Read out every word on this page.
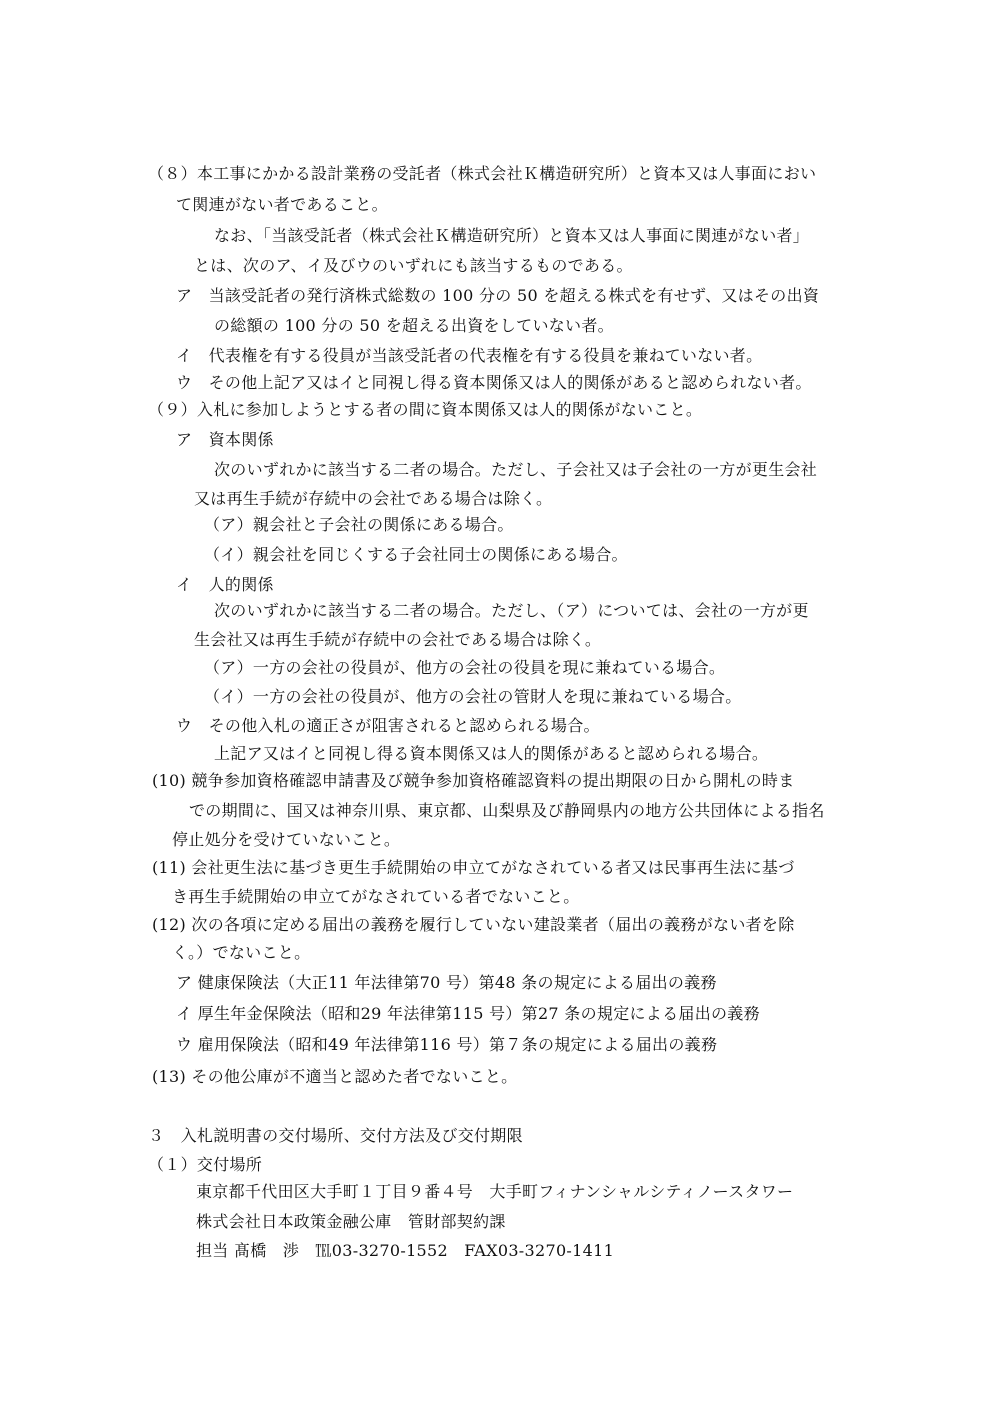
（８）本工事にかかる設計業務の受託者（株式会社Ｋ構造研究所）と資本又は人事面におい
て関連がない者であること。
なお、「当該受託者（株式会社Ｋ構造研究所）と資本又は人事面に関連がない者」
とは、次のア、イ及びウのいずれにも該当するものである。
ア　当該受託者の発行済株式総数の 100 分の 50 を超える株式を有せず、又はその出資
の総額の 100 分の 50 を超える出資をしていない者。
イ　代表権を有する役員が当該受託者の代表権を有する役員を兼ねていない者。
ウ　その他上記ア又はイと同視し得る資本関係又は人的関係があると認められない者。
（９）入札に参加しようとする者の間に資本関係又は人的関係がないこと。
ア　資本関係
次のいずれかに該当する二者の場合。ただし、子会社又は子会社の一方が更生会社
又は再生手続が存続中の会社である場合は除く。
（ア）親会社と子会社の関係にある場合。
（イ）親会社を同じくする子会社同士の関係にある場合。
イ　人的関係
次のいずれかに該当する二者の場合。ただし、（ア）については、会社の一方が更
生会社又は再生手続が存続中の会社である場合は除く。
（ア）一方の会社の役員が、他方の会社の役員を現に兼ねている場合。
（イ）一方の会社の役員が、他方の会社の管財人を現に兼ねている場合。
ウ　その他入札の適正さが阻害されると認められる場合。
上記ア又はイと同視し得る資本関係又は人的関係があると認められる場合。
(10) 競争参加資格確認申請書及び競争参加資格確認資料の提出期限の日から開札の時ま
での期間に、国又は神奈川県、東京都、山梨県及び静岡県内の地方公共団体による指名
停止処分を受けていないこと。
(11) 会社更生法に基づき更生手続開始の申立てがなされている者又は民事再生法に基づ
き再生手続開始の申立てがなされている者でないこと。
(12) 次の各項に定める届出の義務を履行していない建設業者（届出の義務がない者を除
く。）でないこと。
ア 健康保険法（大正11 年法律第70 号）第48 条の規定による届出の義務
イ 厚生年金保険法（昭和29 年法律第115 号）第27 条の規定による届出の義務
ウ 雇用保険法（昭和49 年法律第116 号）第７条の規定による届出の義務
(13) その他公庫が不適当と認めた者でないこと。
３　入札説明書の交付場所、交付方法及び交付期限
（１）交付場所
東京都千代田区大手町１丁目９番４号　大手町フィナンシャルシティノースタワー
株式会社日本政策金融公庫　管財部契約課
担当 髙橋　渉　℡03-3270-1552　FAX03-3270-1411
